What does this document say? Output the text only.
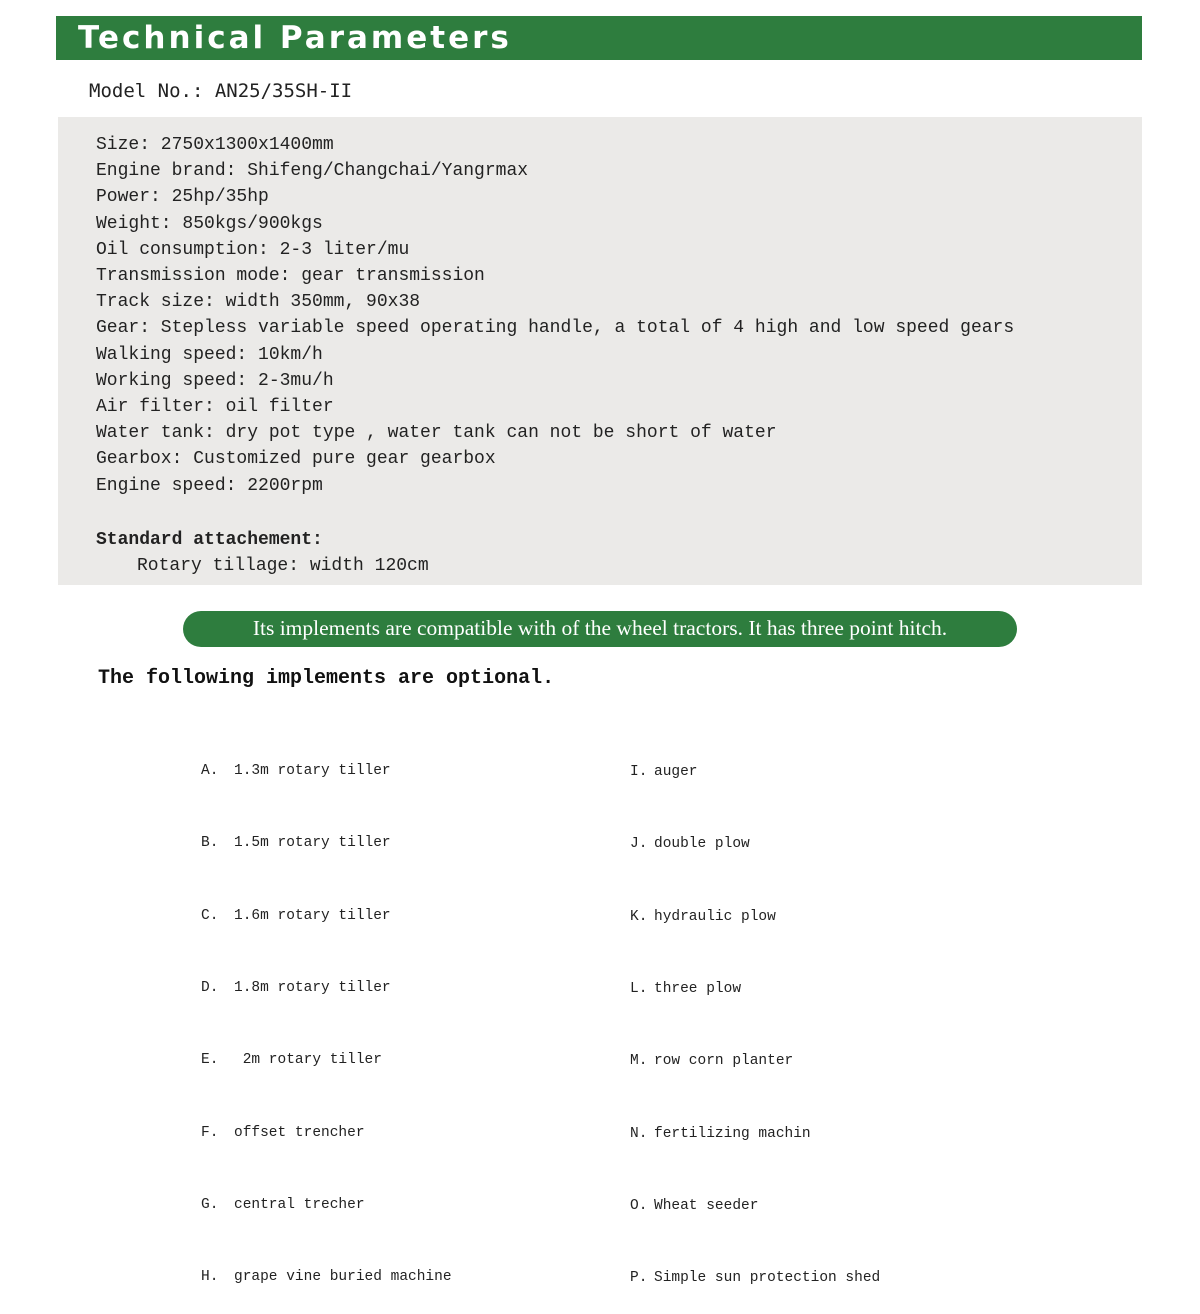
Technical Parameters
Model No.: AN25/35SH-II
Size: 2750x1300x1400mm
Engine brand: Shifeng/Changchai/Yangrmax
Power: 25hp/35hp
Weight: 850kgs/900kgs
Oil consumption: 2-3 liter/mu
Transmission mode: gear transmission
Track size: width 350mm, 90x38
Gear: Stepless variable speed operating handle, a total of 4 high and low speed gears
Walking speed: 10km/h
Working speed: 2-3mu/h
Air filter: oil filter
Water tank: dry pot type , water tank can not be short of water
Gearbox: Customized pure gear gearbox
Engine speed: 2200rpm
Standard attachement:
Rotary tillage: width 120cm
Its implements are compatible with of the wheel tractors. It has three point hitch.
The following implements are optional.

A. 1.3m rotary tiller

B. 1.5m rotary tiller

C. 1.6m rotary tiller

D. 1.8m rotary tiller

E. 2m rotary tiller

F. offset trencher

G. central trecher

H. grape vine buried machine

I. auger

J. double plow

K. hydraulic plow

L. three plow

M. row corn planter

N. fertilizing machin

O. Wheat seeder

P. Simple sun protection shed
